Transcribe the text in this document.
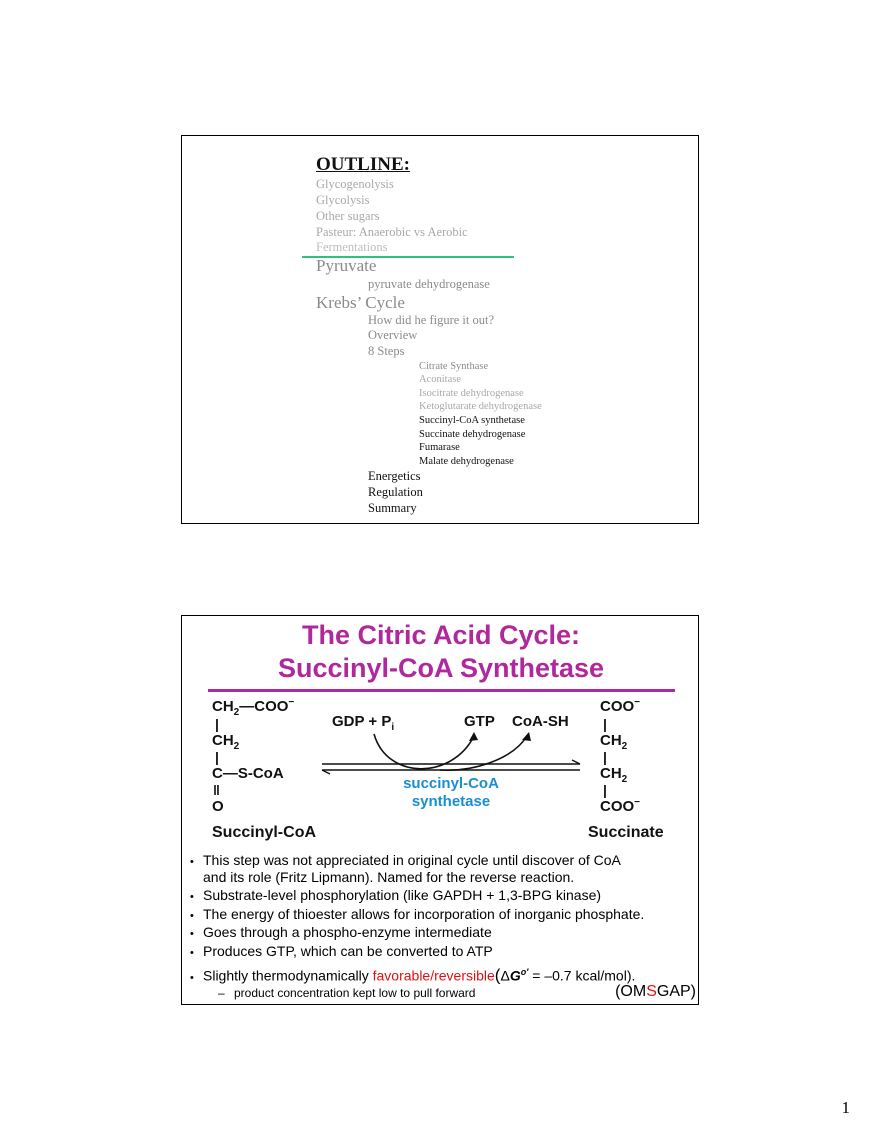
OUTLINE:
Glycogenolysis
Glycolysis
Other sugars
Pasteur: Anaerobic vs Aerobic
Fermentations
Pyruvate
pyruvate dehydrogenase
Krebs’ Cycle
How did he figure it out?
Overview
8 Steps
Citrate Synthase
Aconitase
Isocitrate dehydrogenase
Ketoglutarate dehydrogenase
Succinyl-CoA synthetase
Succinate dehydrogenase
Fumarase
Malate dehydrogenase
Energetics
Regulation
Summary
The Citric Acid Cycle:
Succinyl-CoA Synthetase
$CH_2—COO^-$
|
$CH_2$
|
C—S-CoA
‖
O
Succinyl-CoA
COO−
|
$CH_2$
|
$CH_2$
|
COO−
Succinate
GDP + $P_i$	GTP CoA-SH
succinyl-CoA
synthetase
• This step was not appreciated in original cycle until discover of CoA
and its role (Fritz Lipmann). Named for the reverse reaction.
• Substrate-level phosphorylation (like GAPDH + 1,3-BPG kinase)
• The energy of thioester allows for incorporation of inorganic phosphate.
• Goes through a phospho-enzyme intermediate
• Produces GTP, which can be converted to ATP
• Slightly thermodynamically favorable/$reversible(\Delta G^{o'} = -0.7$ kcal/mol).
– product concentration kept low to pull forward	(OMSGAP)
1
